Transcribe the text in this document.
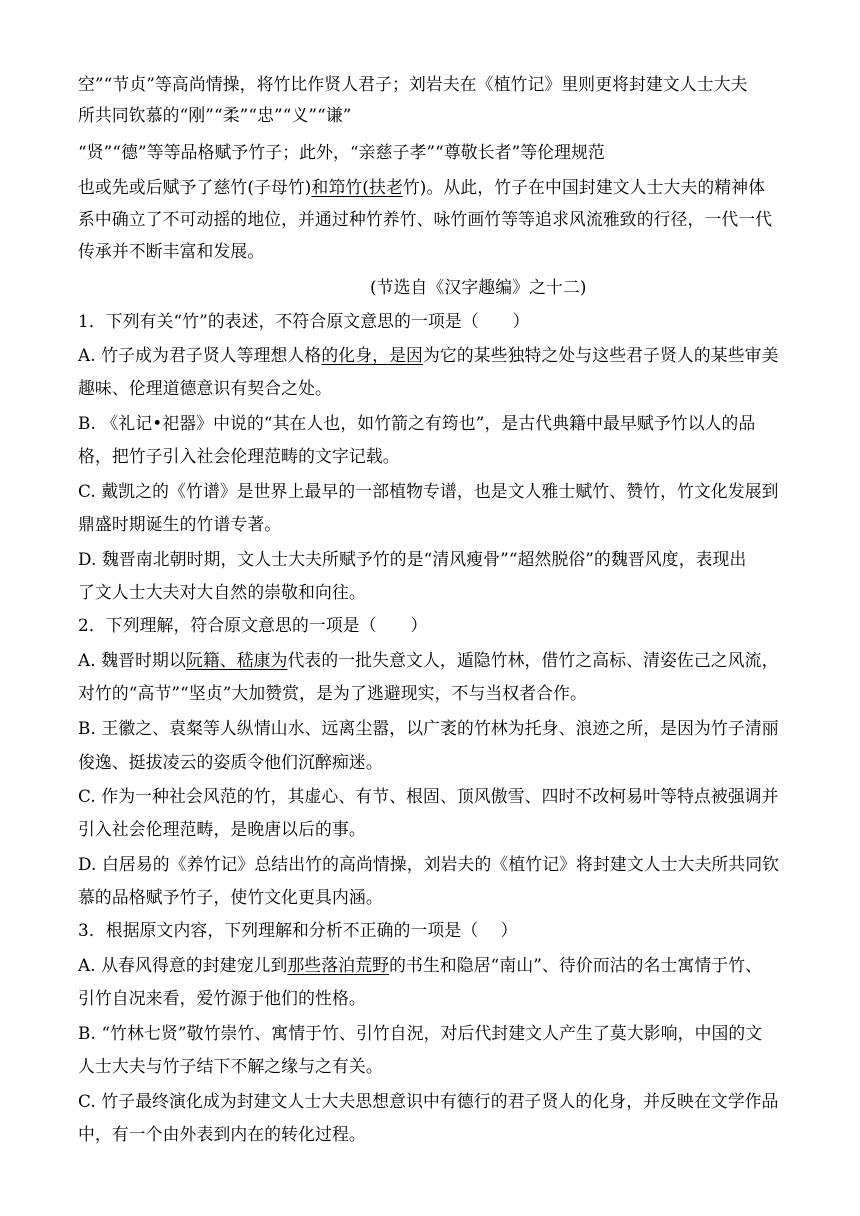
空”“节贞”等高尚情操，将竹比作贤人君子；刘岩夫在《植竹记》里则更将封建文人士大夫
所共同钦慕的“刚”“柔”“忠”“义”“谦”
“贤”“德”等等品格赋予竹子；此外，“亲慈子孝”“尊敬长者”等伦理规范
也或先或后赋予了慈竹(子母竹)和笻竹(扶老竹)。从此，竹子在中国封建文人士大夫的精神体
系中确立了不可动摇的地位，并通过种竹养竹、咏竹画竹等等追求风流雅致的行径，一代一代
传承并不断丰富和发展。
(节选自《汉字趣编》之十二)
1．下列有关“竹”的表述，不符合原文意思的一项是（　　）
A. 竹子成为君子贤人等理想人格的化身，是因为它的某些独特之处与这些君子贤人的某些审美
趣味、伦理道德意识有契合之处。
B. 《礼记•祀器》中说的“其在人也，如竹箭之有筠也”，是古代典籍中最早赋予竹以人的品
格，把竹子引入社会伦理范畴的文字记载。
C. 戴凯之的《竹谱》是世界上最早的一部植物专谱，也是文人雅士赋竹、赞竹，竹文化发展到
鼎盛时期诞生的竹谱专著。
D. 魏晋南北朝时期，文人士大夫所赋予竹的是“清风瘦骨”“超然脱俗”的魏晋风度，表现出
了文人士大夫对大自然的崇敬和向往。
2．下列理解，符合原文意思的一项是（　　）
A. 魏晋时期以阮籍、嵇康为代表的一批失意文人，遁隐竹林，借竹之高标、清姿佐己之风流，
对竹的“高节”“坚贞”大加赞赏，是为了逃避现实，不与当权者合作。
B. 王徽之、袁粲等人纵情山水、远离尘嚣，以广袤的竹林为托身、浪迹之所，是因为竹子清丽
俊逸、挺拔凌云的姿质令他们沉醉痴迷。
C. 作为一种社会风范的竹，其虚心、有节、根固、顶风傲雪、四时不改柯易叶等特点被强调并
引入社会伦理范畴，是晚唐以后的事。
D. 白居易的《养竹记》总结出竹的高尚情操，刘岩夫的《植竹记》将封建文人士大夫所共同钦
慕的品格赋予竹子，使竹文化更具内涵。
3．根据原文内容，下列理解和分析不正确的一项是（　 ）
A. 从春风得意的封建宠儿到那些落泊荒野的书生和隐居“南山”、待价而沽的名士寓情于竹、
引竹自况来看，爱竹源于他们的性格。
B. “竹林七贤”敬竹崇竹、寓情于竹、引竹自況，对后代封建文人产生了莫大影响，中国的文
人士大夫与竹子结下不解之缘与之有关。
C. 竹子最终演化成为封建文人士大夫思想意识中有德行的君子贤人的化身，并反映在文学作品
中，有一个由外表到内在的转化过程。
